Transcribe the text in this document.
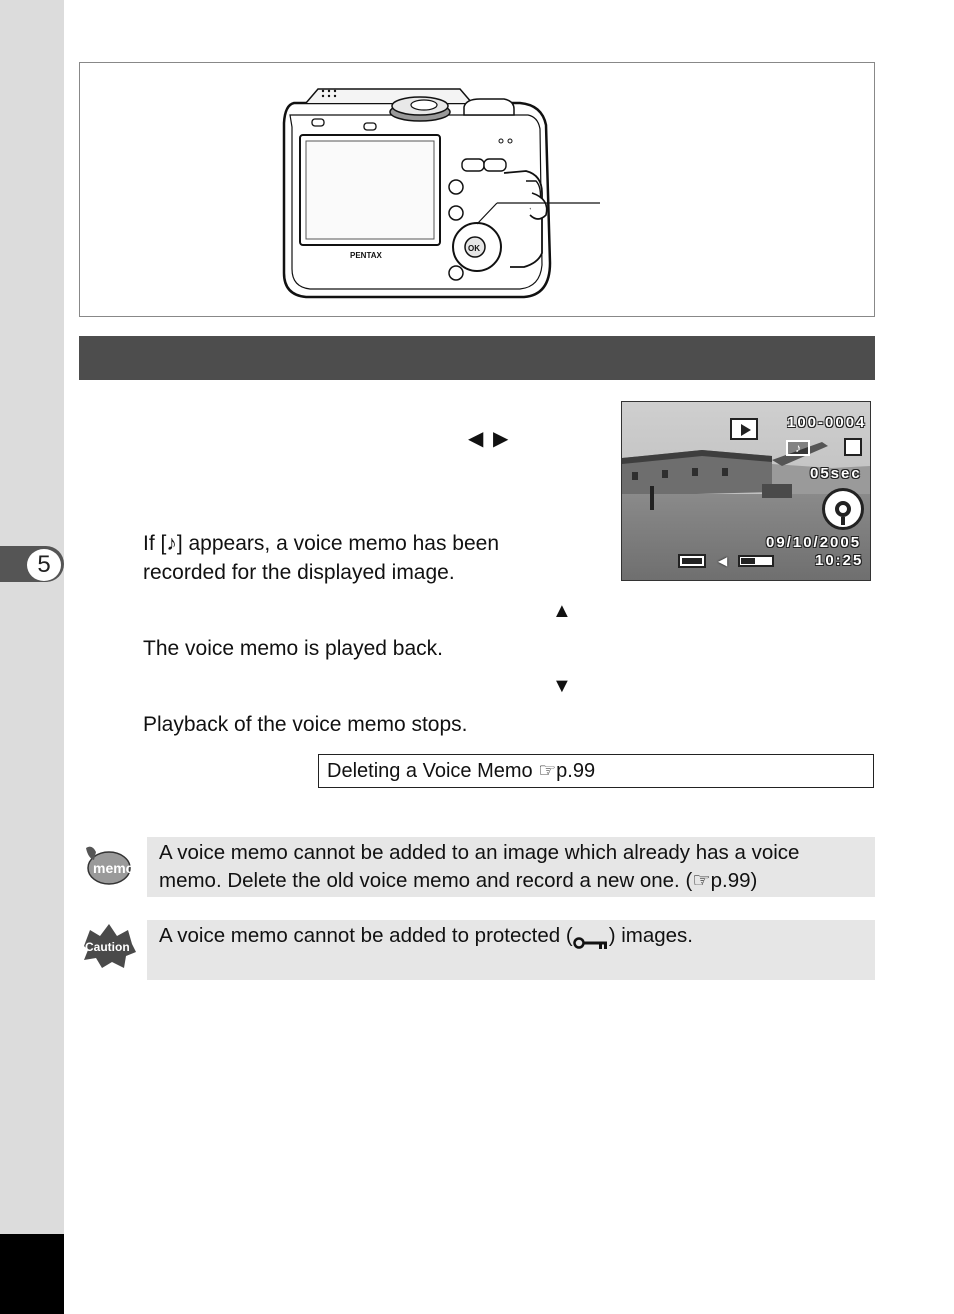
5
PENTAX
OK
◀ ▶
If [♪] appears, a voice memo has been recorded for the displayed image.
100-0004
♪
05sec
09/10/2005
10:25
◀
▲
The voice memo is played back.
▼
Playback of the voice memo stops.
Deleting a Voice Memo ☞p.99
memo
A voice memo cannot be added to an image which already has a voice memo. Delete the old voice memo and record a new one. (☞p.99)
Caution	A voice memo cannot be added to protected ( ) images.
